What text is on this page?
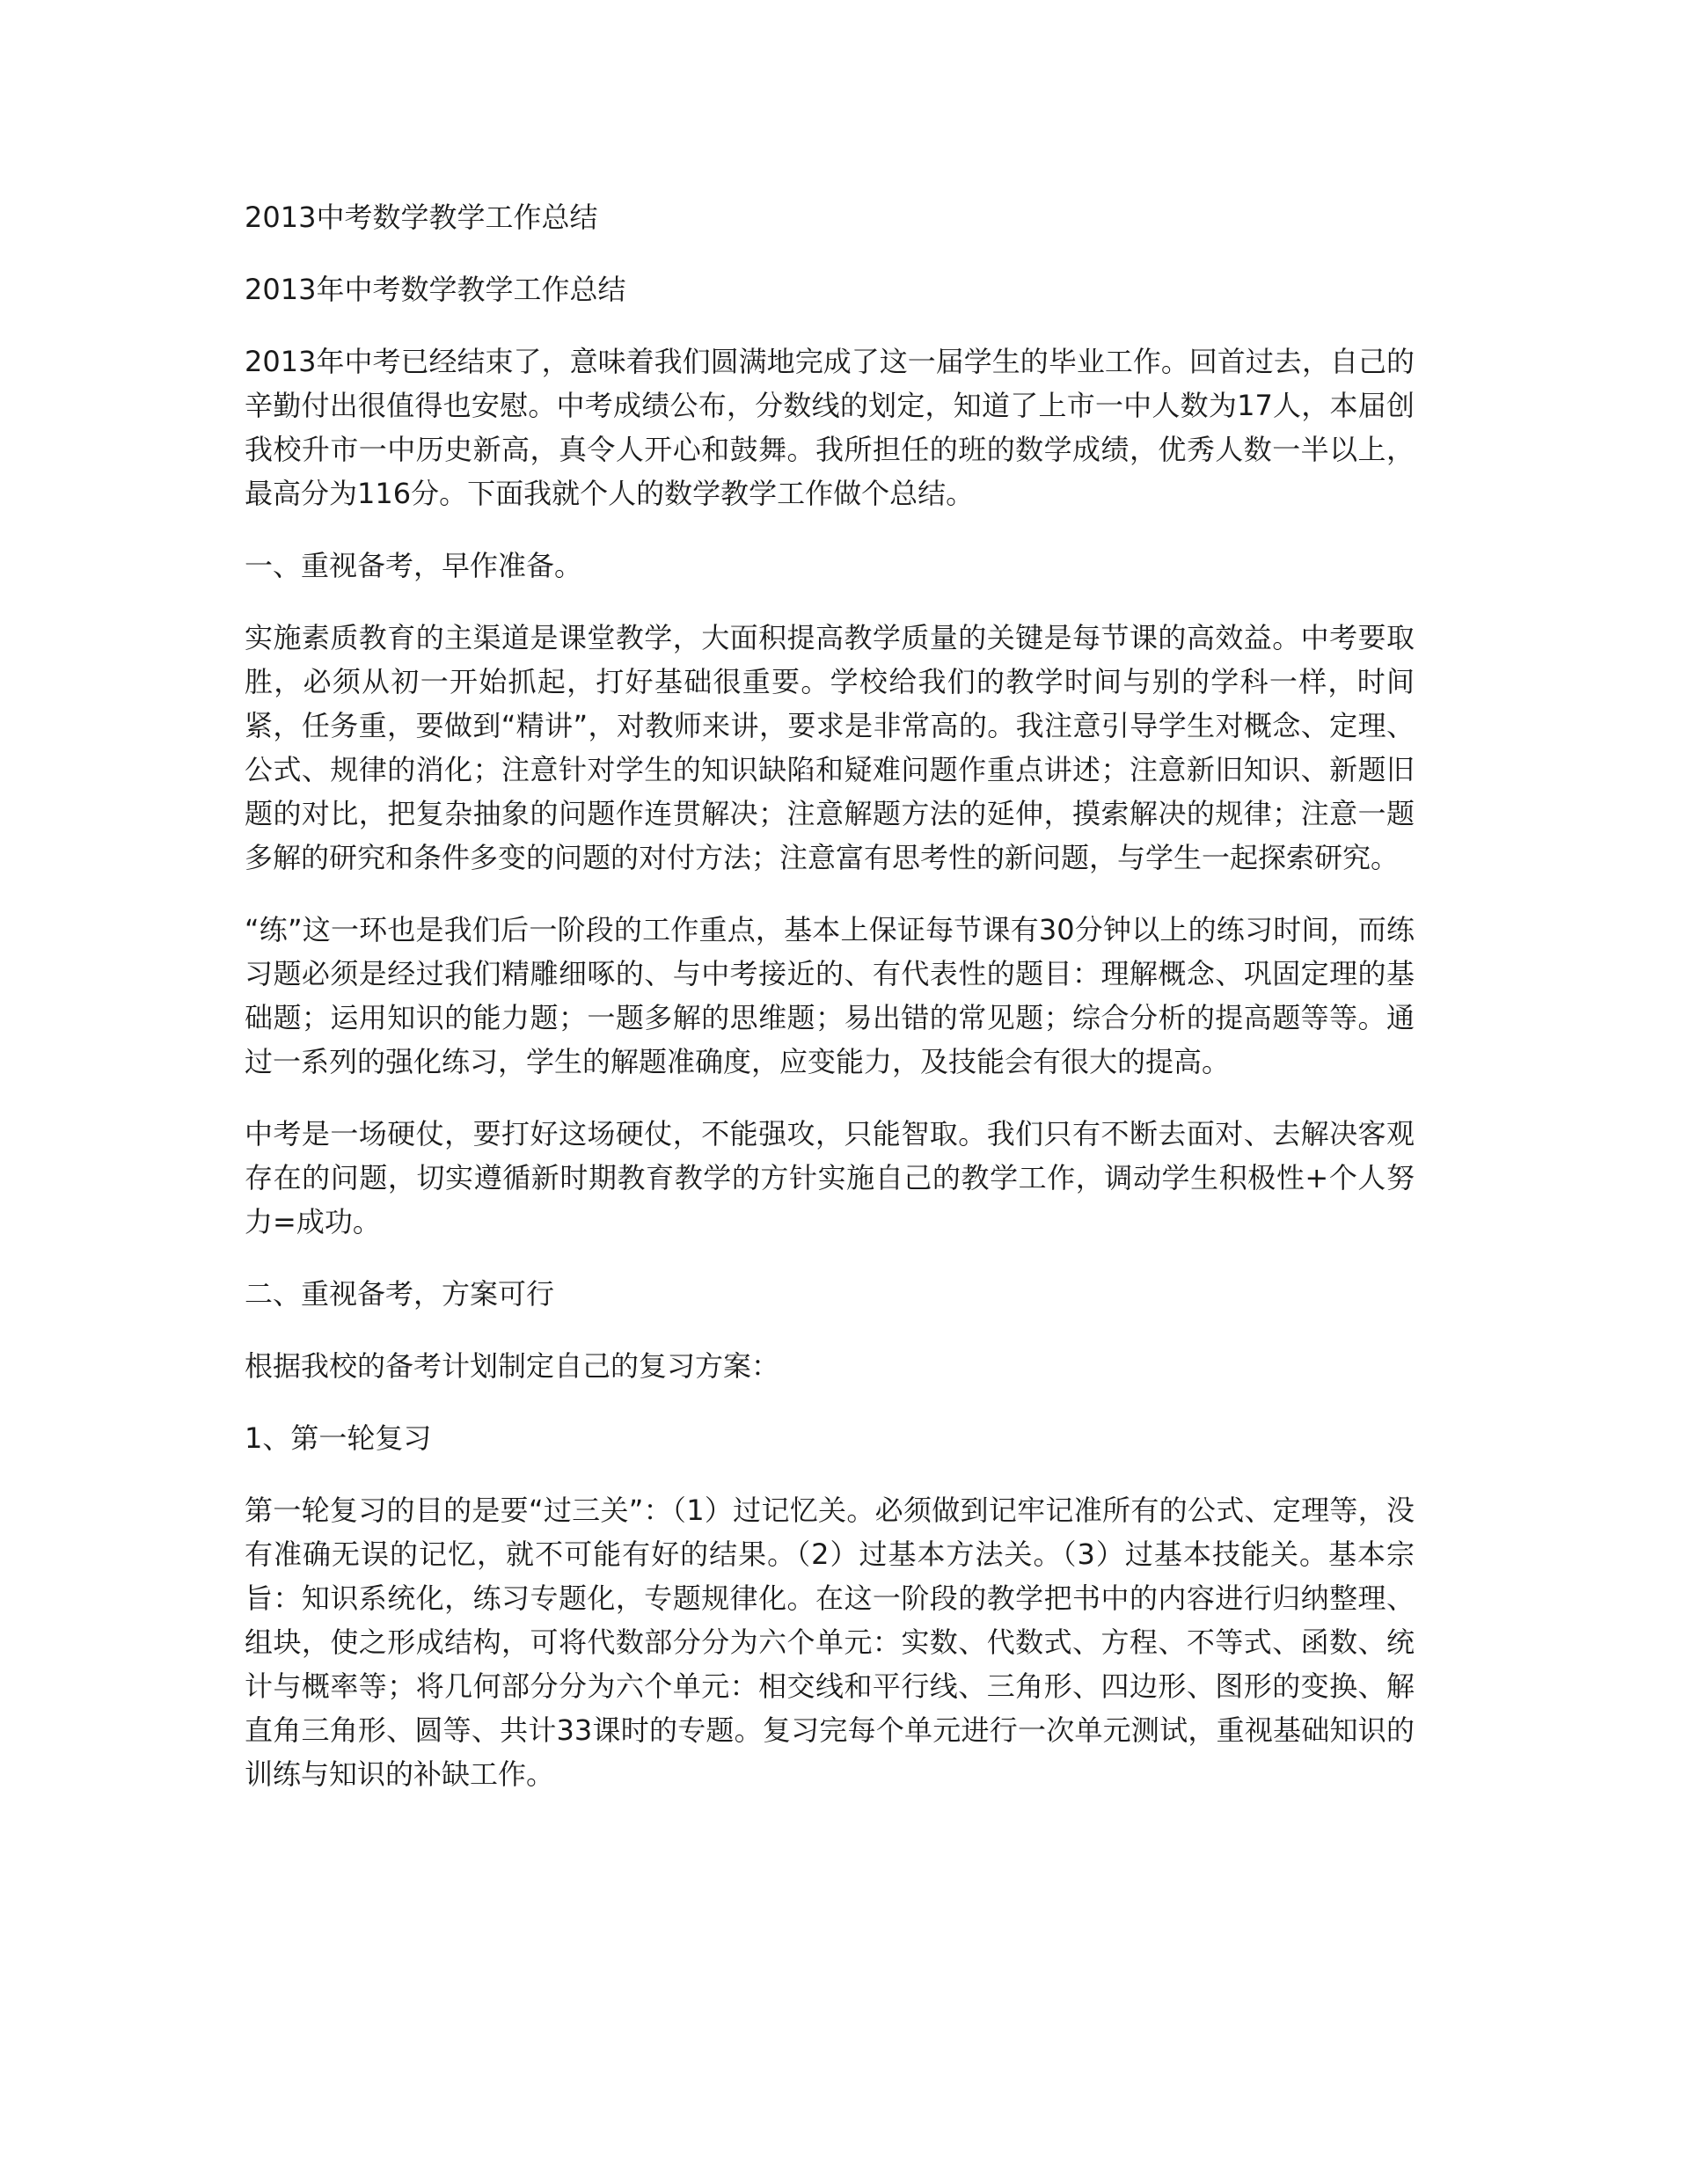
2013中考数学教学工作总结

2013年中考数学教学工作总结

2013年中考已经结束了，意味着我们圆满地完成了这一届学生的毕业工作。回首过去，自己的辛勤付出很值得也安慰。中考成绩公布，分数线的划定，知道了上市一中人数为17人，本届创我校升市一中历史新高，真令人开心和鼓舞。我所担任的班的数学成绩，优秀人数一半以上，最高分为116分。下面我就个人的数学教学工作做个总结。

一、重视备考，早作准备。

实施素质教育的主渠道是课堂教学，大面积提高教学质量的关键是每节课的高效益。中考要取胜，必须从初一开始抓起，打好基础很重要。学校给我们的教学时间与别的学科一样，时间紧，任务重，要做到“精讲”，对教师来讲，要求是非常高的。我注意引导学生对概念、定理、公式、规律的消化；注意针对学生的知识缺陷和疑难问题作重点讲述；注意新旧知识、新题旧题的对比，把复杂抽象的问题作连贯解决；注意解题方法的延伸，摸索解决的规律；注意一题多解的研究和条件多变的问题的对付方法；注意富有思考性的新问题，与学生一起探索研究。

“练”这一环也是我们后一阶段的工作重点，基本上保证每节课有30分钟以上的练习时间，而练习题必须是经过我们精雕细啄的、与中考接近的、有代表性的题目：理解概念、巩固定理的基础题；运用知识的能力题；一题多解的思维题；易出错的常见题；综合分析的提高题等等。通过一系列的强化练习，学生的解题准确度，应变能力，及技能会有很大的提高。

中考是一场硬仗，要打好这场硬仗，不能强攻，只能智取。我们只有不断去面对、去解决客观存在的问题，切实遵循新时期教育教学的方针实施自己的教学工作，调动学生积极性+个人努力=成功。

二、重视备考，方案可行

根据我校的备考计划制定自己的复习方案：

1、第一轮复习

第一轮复习的目的是要“过三关”：（1）过记忆关。必须做到记牢记准所有的公式、定理等，没有准确无误的记忆，就不可能有好的结果。（2）过基本方法关。（3）过基本技能关。基本宗旨：知识系统化，练习专题化，专题规律化。在这一阶段的教学把书中的内容进行归纳整理、组块，使之形成结构，可将代数部分分为六个单元：实数、代数式、方程、不等式、函数、统计与概率等；将几何部分分为六个单元：相交线和平行线、三角形、四边形、图形的变换、解直角三角形、圆等、共计33课时的专题。复习完每个单元进行一次单元测试，重视基础知识的训练与知识的补缺工作。
